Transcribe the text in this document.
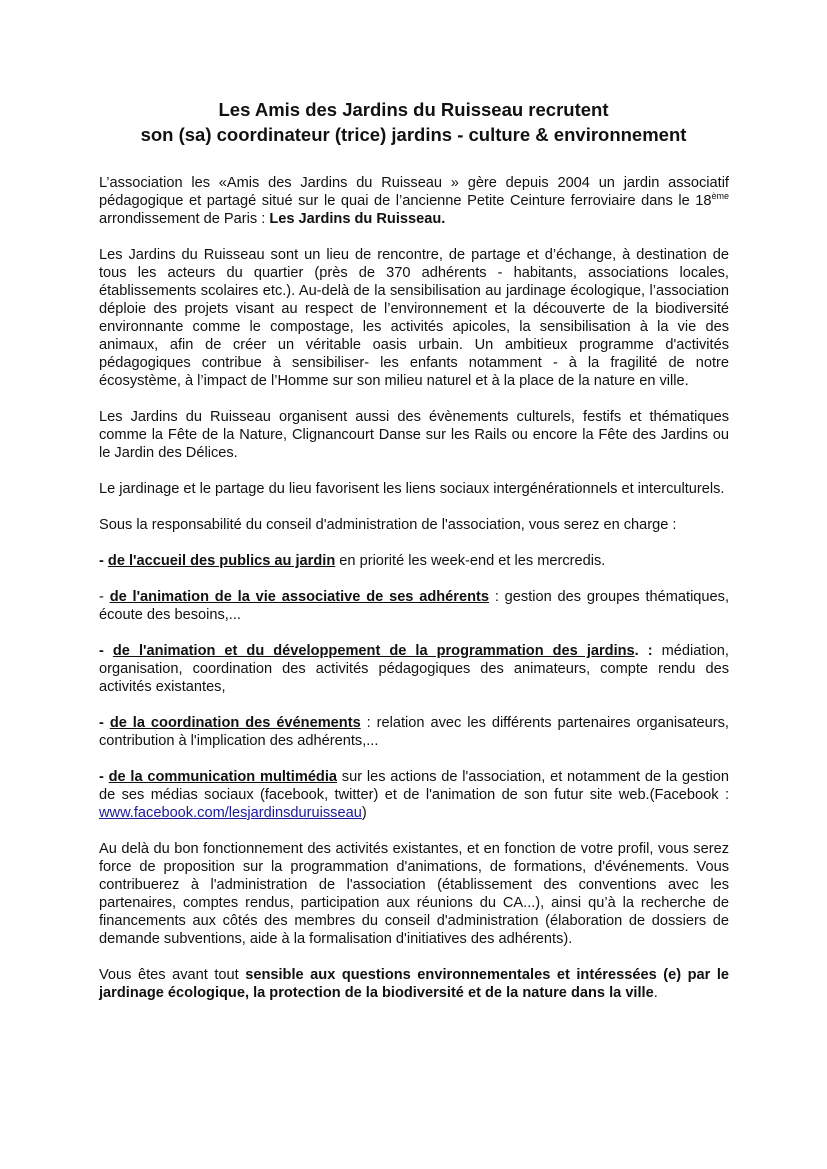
Les Amis des Jardins du Ruisseau recrutent
son (sa) coordinateur (trice) jardins - culture & environnement

L’association les «Amis des Jardins du Ruisseau » gère depuis 2004 un jardin associatif pédagogique et partagé situé sur le quai de l’ancienne Petite Ceinture ferroviaire dans le 18ème arrondissement de Paris : Les Jardins du Ruisseau.

Les Jardins du Ruisseau sont un lieu de rencontre, de partage et d’échange, à destination de tous les acteurs du quartier (près de 370 adhérents - habitants, associations locales, établissements scolaires etc.). Au-delà de la sensibilisation au jardinage écologique, l’association déploie des projets visant au respect de l’environnement et la découverte de la biodiversité environnante comme le compostage, les activités apicoles, la sensibilisation à la vie des animaux, afin de créer un véritable oasis urbain. Un ambitieux programme d'activités pédagogiques contribue à sensibiliser- les enfants notamment - à la fragilité de notre écosystème, à l’impact de l’Homme sur son milieu naturel et à la place de la nature en ville.

Les Jardins du Ruisseau organisent aussi des évènements culturels, festifs et thématiques comme la Fête de la Nature, Clignancourt Danse sur les Rails ou encore la Fête des Jardins ou le Jardin des Délices.

Le jardinage et le partage du lieu favorisent les liens sociaux intergénérationnels et interculturels.

Sous la responsabilité du conseil d'administration de l'association, vous serez en charge :

- de l'accueil des publics au jardin en priorité les week-end et les mercredis.

- de l'animation de la vie associative de ses adhérents : gestion des groupes thématiques, écoute des besoins,...

- de l'animation et du développement de la programmation des jardins. : médiation, organisation, coordination des activités pédagogiques des animateurs, compte rendu des activités existantes,

- de la coordination des événements : relation avec les différents partenaires organisateurs, contribution à l'implication des adhérents,...

- de la communication multimédia sur les actions de l'association, et notamment de la gestion de ses médias sociaux (facebook, twitter) et de l'animation de son futur site web.(Facebook : www.facebook.com/lesjardinsduruisseau)

Au delà du bon fonctionnement des activités existantes, et en fonction de votre profil, vous serez force de proposition sur la programmation d'animations, de formations, d'événements. Vous contribuerez à l'administration de l'association (établissement des conventions avec les partenaires, comptes rendus, participation aux réunions du CA...), ainsi qu’à la recherche de financements aux côtés des membres du conseil d'administration (élaboration de dossiers de demande subventions, aide à la formalisation d'initiatives des adhérents).

Vous êtes avant tout sensible aux questions environnementales et intéressées (e) par le jardinage écologique, la protection de la biodiversité et de la nature dans la ville.
